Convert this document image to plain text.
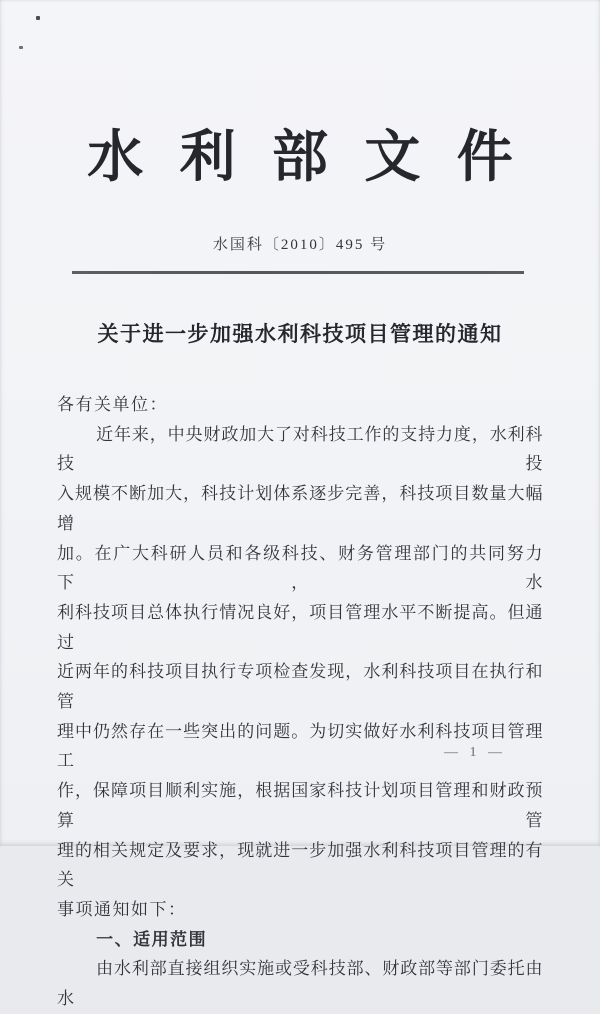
水利部文件
水国科〔2010〕495 号
关于进一步加强水利科技项目管理的通知
各有关单位：
近年来，中央财政加大了对科技工作的支持力度，水利科技投
入规模不断加大，科技计划体系逐步完善，科技项目数量大幅增
加。在广大科研人员和各级科技、财务管理部门的共同努力下，水
利科技项目总体执行情况良好，项目管理水平不断提高。但通过
近两年的科技项目执行专项检查发现，水利科技项目在执行和管
理中仍然存在一些突出的问题。为切实做好水利科技项目管理工
作，保障项目顺利实施，根据国家科技计划项目管理和财政预算管
理的相关规定及要求，现就进一步加强水利科技项目管理的有关
事项通知如下：
一、适用范围
由水利部直接组织实施或受科技部、财政部等部门委托由水
— 1 —
